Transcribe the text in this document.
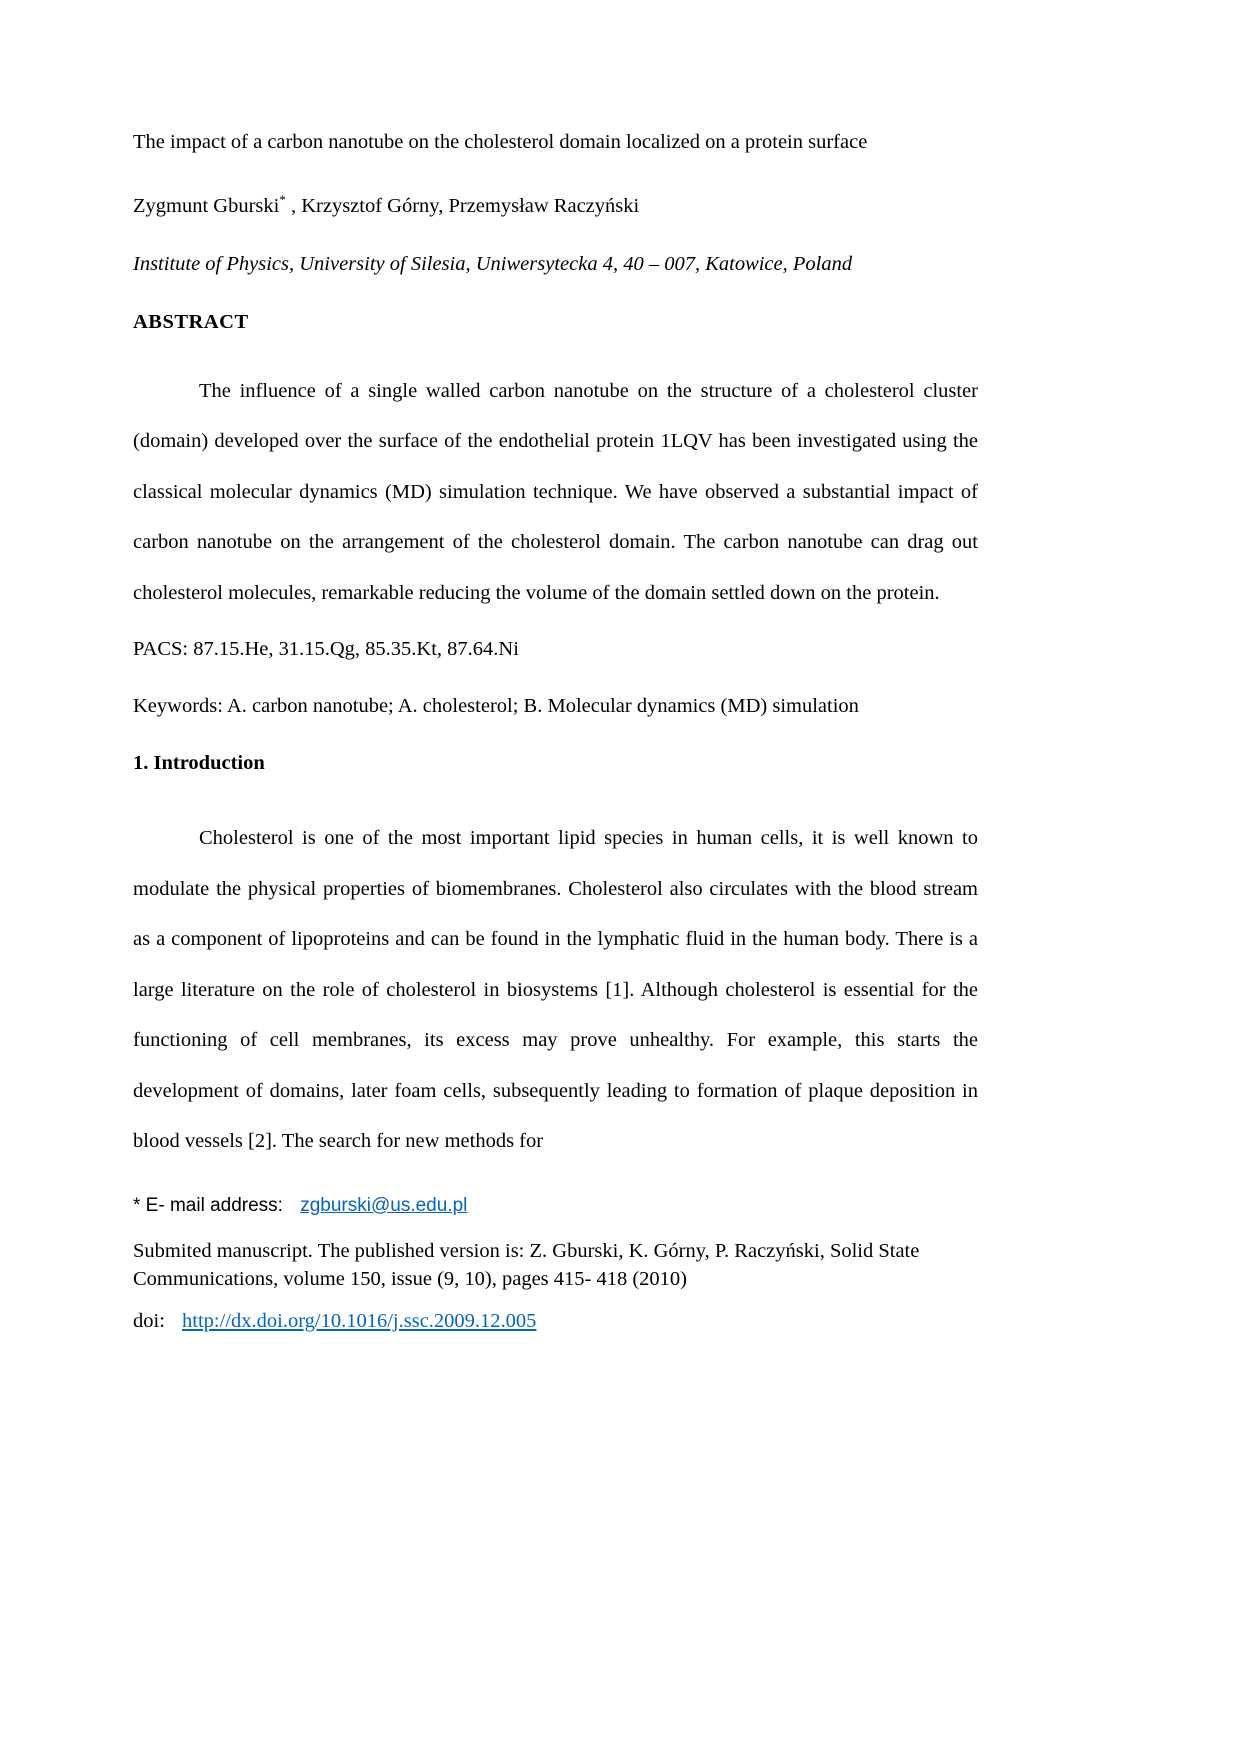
The impact of a carbon nanotube on the cholesterol domain localized on a protein surface
Zygmunt Gburski* , Krzysztof Górny, Przemysław Raczyński
Institute of Physics, University of Silesia, Uniwersytecka 4, 40 – 007, Katowice, Poland
ABSTRACT
The influence of a single walled carbon nanotube on the structure of a cholesterol cluster (domain) developed over the surface of the endothelial protein 1LQV has been investigated using the classical molecular dynamics (MD) simulation technique. We have observed a substantial impact of carbon nanotube on the arrangement of the cholesterol domain. The carbon nanotube can drag out cholesterol molecules, remarkable reducing the volume of the domain settled down on the protein.
PACS: 87.15.He, 31.15.Qg, 85.35.Kt, 87.64.Ni
Keywords: A. carbon nanotube; A. cholesterol; B. Molecular dynamics (MD) simulation
1. Introduction
Cholesterol is one of the most important lipid species in human cells, it is well known to modulate the physical properties of biomembranes. Cholesterol also circulates with the blood stream as a component of lipoproteins and can be found in the lymphatic fluid in the human body. There is a large literature on the role of cholesterol in biosystems [1]. Although cholesterol is essential for the functioning of cell membranes, its excess may prove unhealthy. For example, this starts the development of domains, later foam cells, subsequently leading to formation of plaque deposition in blood vessels [2]. The search for new methods for
* E- mail address: zgburski@us.edu.pl
Submited manuscript. The published version is: Z. Gburski, K. Górny, P. Raczyński, Solid State Communications, volume 150, issue (9, 10), pages 415- 418 (2010)
doi: http://dx.doi.org/10.1016/j.ssc.2009.12.005
